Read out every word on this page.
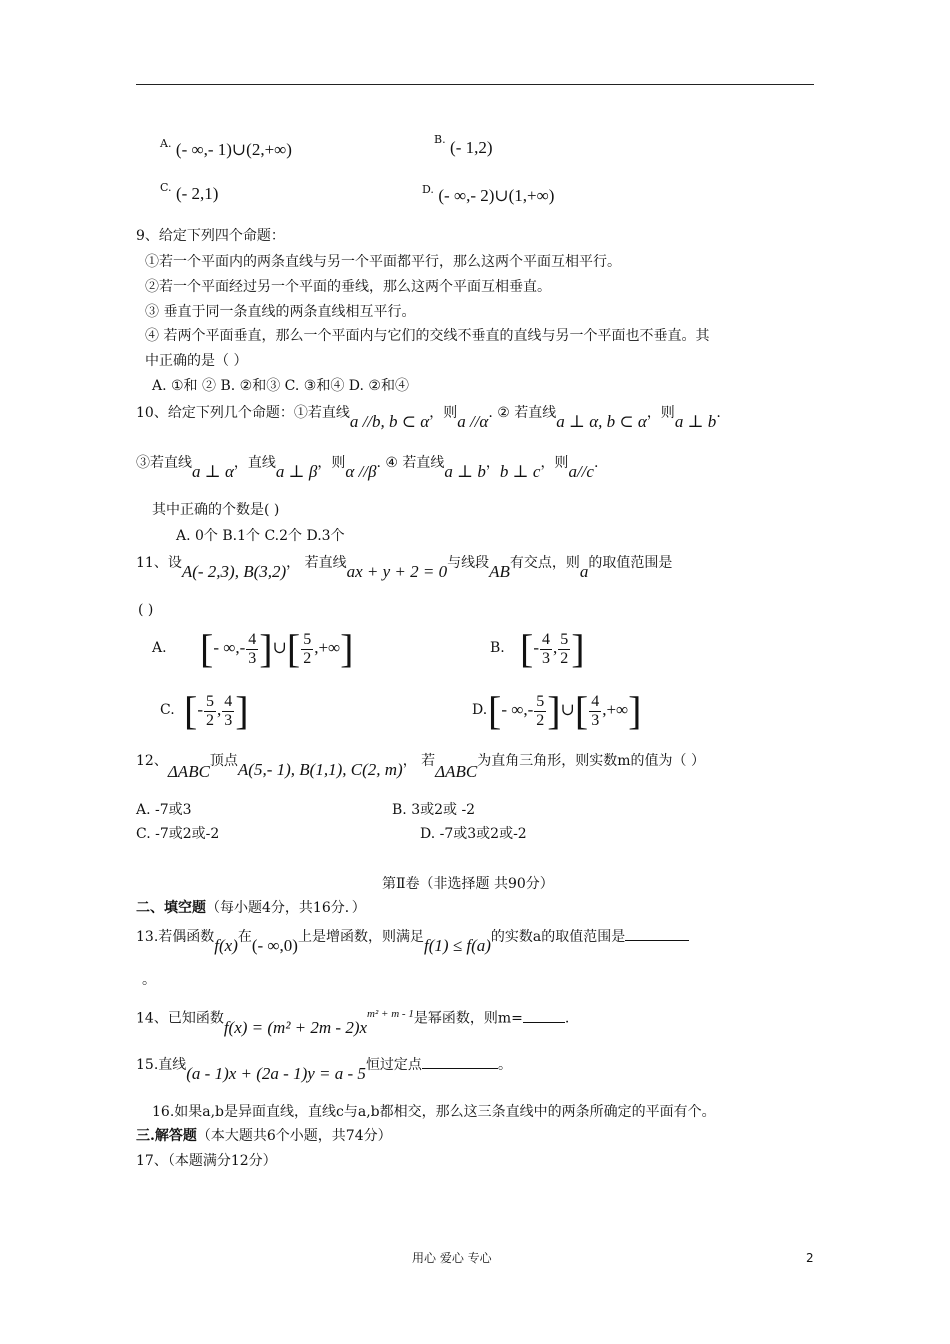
$^{A.}$ (- ∞,- 1)∪(2,+∞)
$^{B.}$ (- 1,2)
$^{C.}$ (- 2,1)	$^{D.}$ (- ∞,- 2)∪(1,+∞)
9、给定下列四个命题：
①若一个平面内的两条直线与另一个平面都平行，那么这两个平面互相平行。
②若一个平面经过另一个平面的垂线，那么这两个平面互相垂直。
③ 垂直于同一条直线的两条直线相互平行。
④ 若两个平面垂直，那么一个平面内与它们的交线不垂直的直线与另一个平面也不垂直。其
中正确的是（ ）
A. ①和 ② B. ②和③ C. ③和④ D. ②和④
10、给定下列几个命题：①若直线a //b, b ⊂ α，则a //α. ② 若直线a ⊥ α, b ⊂ α，则a ⊥ b.
③若直线a ⊥ α，直线a ⊥ β，则α //β. ④ 若直线a ⊥ b，b ⊥ c，则a//c.
其中正确的个数是( )
A. 0个 B.1个 C.2个 D.3个
11、设A(- 2,3), B(3,2)， 若直线ax + y + 2 = 0与线段AB有交点，则a的取值范围是
( )
A. [- ∞,- $\frac{4}{3}$ ]∪[ $\frac{5}{2}$ ,+∞]	B. [- $\frac{4}{3}$ , $\frac{5}{2}$ ]
C. [- $\frac{5}{2}$ , $\frac{4}{3}$ ]	D. [- ∞,- $\frac{5}{2}$ ]∪[ $\frac{4}{3}$ ,+∞]
12、ΔABC顶点A(5,- 1), B(1,1), C(2, m)， 若ΔABC为直角三角形，则实数m的值为（ ）
A. -7或3	B. 3或2或 -2
C. -7或2或-2	D. -7或3或2或-2
第Ⅱ卷（非选择题 共90分）
二、填空题（每小题4分，共16分．）
13.若偶函数f(x)在(- ∞,0)上是增函数，则满足f(1) ≤ f(a)的实数a的取值范围是
。
14、已知函数$f(x) = (m^2 + 2m - 2)x^{m^2 + m - 1}$是幂函数，则m=	.
15.直线(a - 1)x + (2a - 1)y = a - 5恒过定点	。
16.如果a,b是异面直线，直线c与a,b都相交，那么这三条直线中的两条所确定的平面有个。
三.解答题（本大题共6个小题，共74分）
17、（本题满分12分）
用心 爱心 专心	2
